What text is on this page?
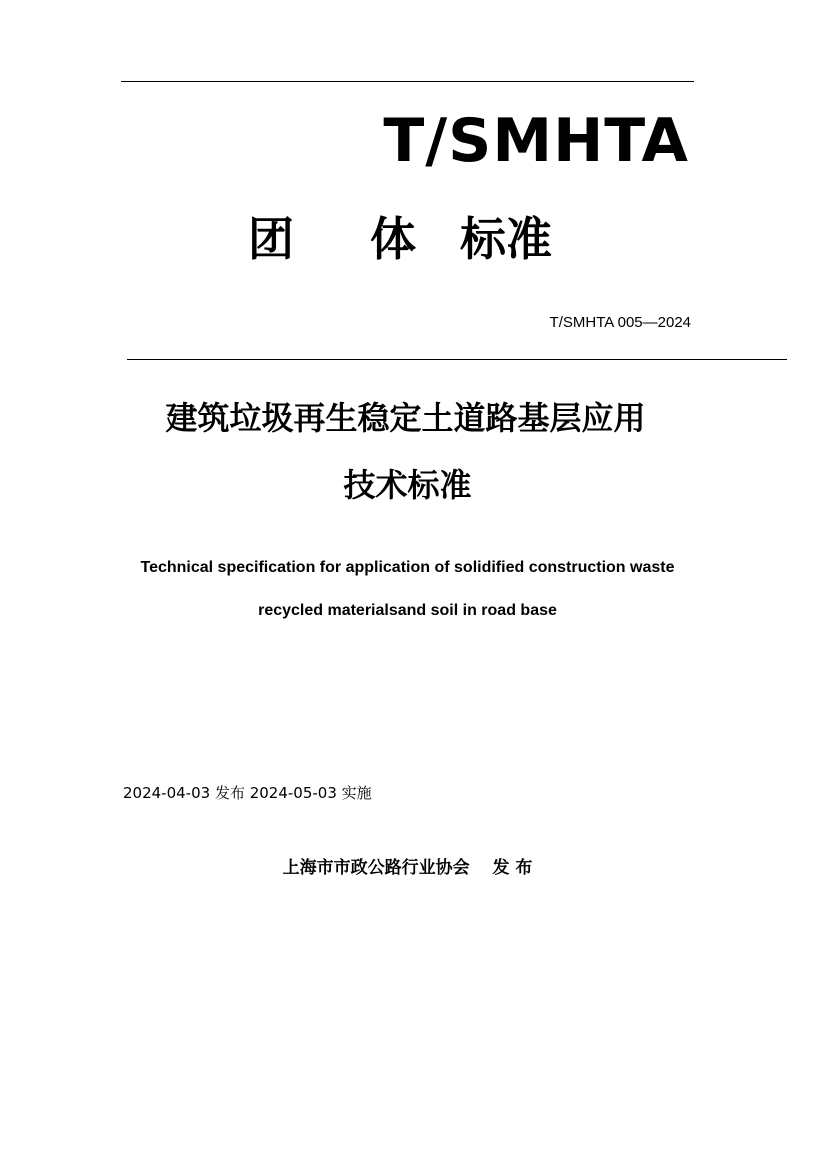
T/SMHTA
团 体 标准
T/SMHTA 005—2024
建筑垃圾再生稳定土道路基层应用
技术标准
Technical specification for application of solidified construction waste
recycled materialsand soil in road base
2024-04-03 发布 2024-05-03 实施
上海市市政公路行业协会　 发 布
